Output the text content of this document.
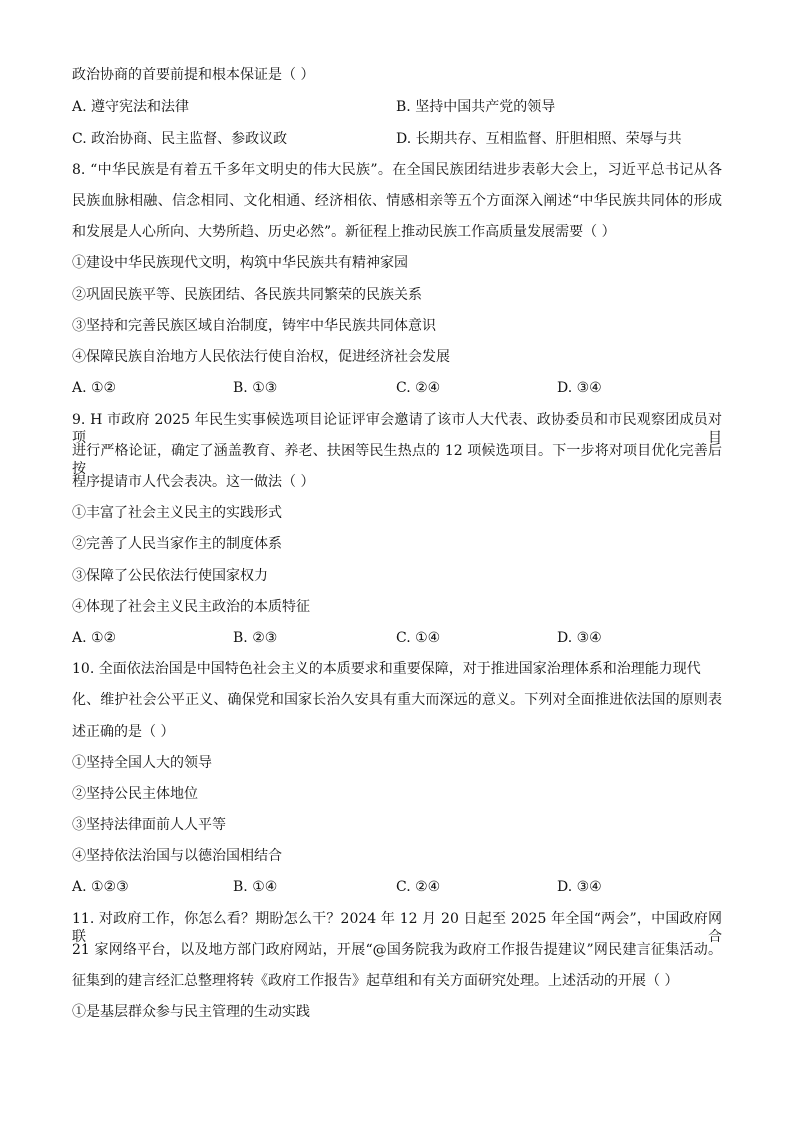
政治协商的首要前提和根本保证是（ ）
A. 遵守宪法和法律	B. 坚持中国共产党的领导
C. 政治协商、民主监督、参政议政	D. 长期共存、互相监督、肝胆相照、荣辱与共
8. “中华民族是有着五千多年文明史的伟大民族”。在全国民族团结进步表彰大会上，习近平总书记从各
民族血脉相融、信念相同、文化相通、经济相依、情感相亲等五个方面深入阐述“中华民族共同体的形成
和发展是人心所向、大势所趋、历史必然”。新征程上推动民族工作高质量发展需要（ ）
①建设中华民族现代文明，构筑中华民族共有精神家园
②巩固民族平等、民族团结、各民族共同繁荣的民族关系
③坚持和完善民族区域自治制度，铸牢中华民族共同体意识
④保障民族自治地方人民依法行使自治权，促进经济社会发展
A. ①②	B. ①③	C. ②④	D. ③④
9. H 市政府 2025 年民生实事候选项目论证评审会邀请了该市人大代表、政协委员和市民观察团成员对项目
进行严格论证，确定了涵盖教育、养老、扶困等民生热点的 12 项候选项目。下一步将对项目优化完善后按
程序提请市人代会表决。这一做法（ ）
①丰富了社会主义民主的实践形式
②完善了人民当家作主的制度体系
③保障了公民依法行使国家权力
④体现了社会主义民主政治的本质特征
A. ①②	B. ②③	C. ①④	D. ③④
10. 全面依法治国是中国特色社会主义的本质要求和重要保障，对于推进国家治理体系和治理能力现代
化、维护社会公平正义、确保党和国家长治久安具有重大而深远的意义。下列对全面推进依法国的原则表
述正确的是（ ）
①坚持全国人大的领导
②坚持公民主体地位
③坚持法律面前人人平等
④坚持依法治国与以德治国相结合
A. ①②③	B. ①④	C. ②④	D. ③④
11. 对政府工作，你怎么看？期盼怎么干？2024 年 12 月 20 日起至 2025 年全国“两会”，中国政府网联合
21 家网络平台，以及地方部门政府网站，开展“@国务院我为政府工作报告提建议”网民建言征集活动。
征集到的建言经汇总整理将转《政府工作报告》起草组和有关方面研究处理。上述活动的开展（ ）
①是基层群众参与民主管理的生动实践
